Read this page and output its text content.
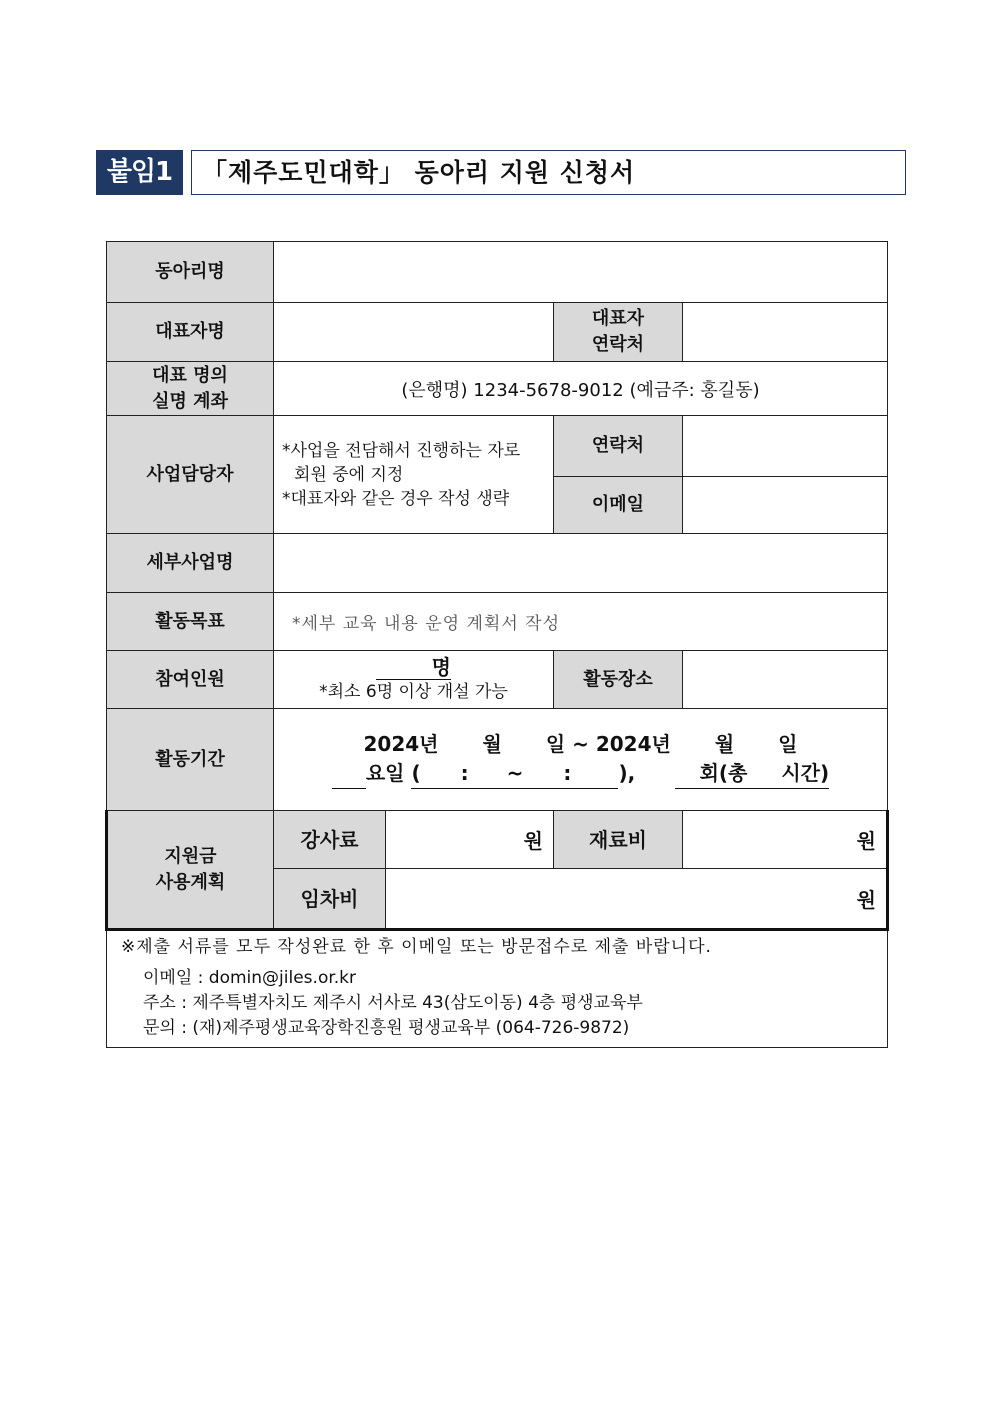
붙임1	「제주도민대학」 동아리 지원 신청서
동아리명				
대표자명			대표자
연락처	

대표 명의
실명 계좌	(은행명) 1234-5678-9012 (예금주: 홍길동)			
사업담당자	*사업을 전담해서 진행하는 자로
회원 중에 지정
*대표자와 같은 경우 작성 생략		연락처	
			이메일	
세부사업명				
활동목표	*세부 교육 내용 운영 계획서 작성			
참여인원	명
*최소 6명 이상 개설 가능		활동장소	
활동기간	2024년 월 일 ~ 2024년 월 일
요일 ( : ~ : ), 회(총 시간)			

지원금
사용계획	강사료	원	재료비	원
	임차비	원		

※제출 서류를 모두 작성완료 한 후 이메일 또는 방문접수로 제출 바랍니다.
이메일 : domin@jiles.or.kr
주소 : 제주특별자치도 제주시 서사로 43(삼도이동) 4층 평생교육부
문의 : (재)제주평생교육장학진흥원 평생교육부 (064-726-9872)				
